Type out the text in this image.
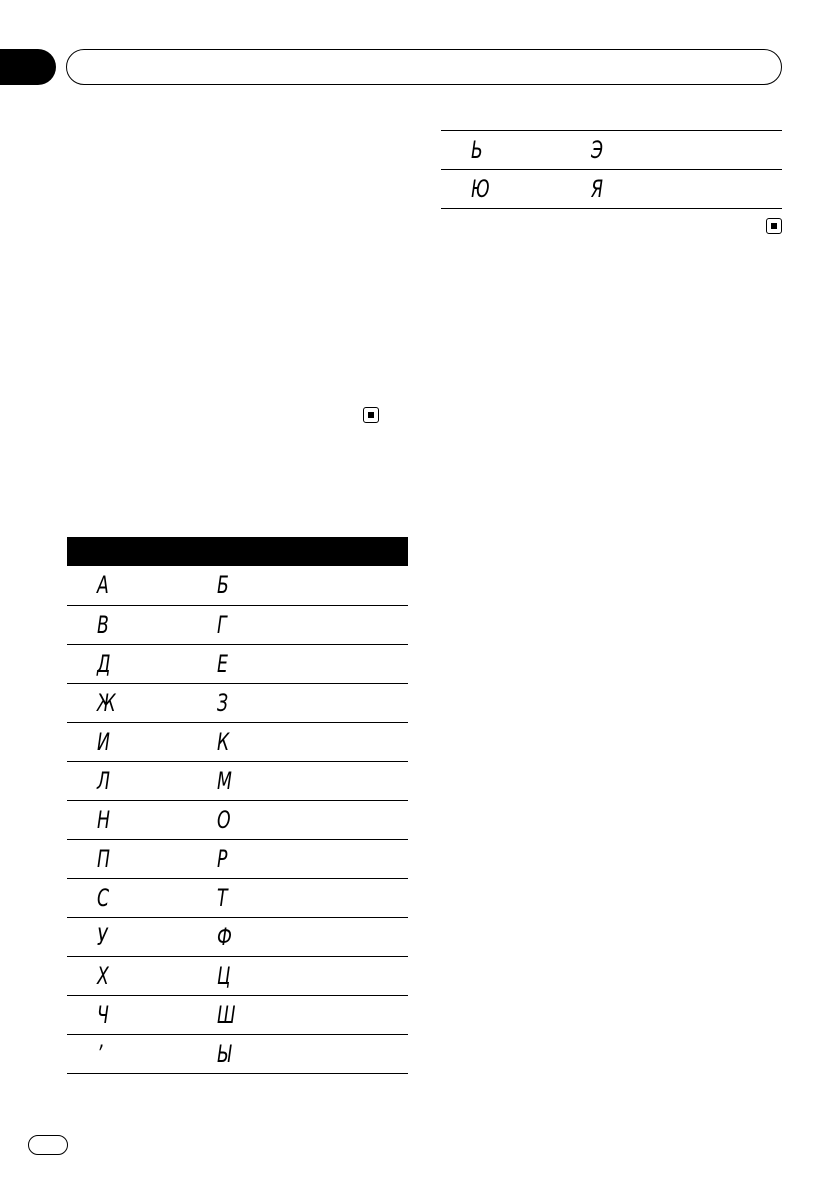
А	Б
В	Г
Д	Е
Ж	З
И	К
Л	М
Н	О
П	Р
С	Т
У	Ф
Х	Ц
Ч	Ш
’	Ы
Ь	Э
Ю	Я
